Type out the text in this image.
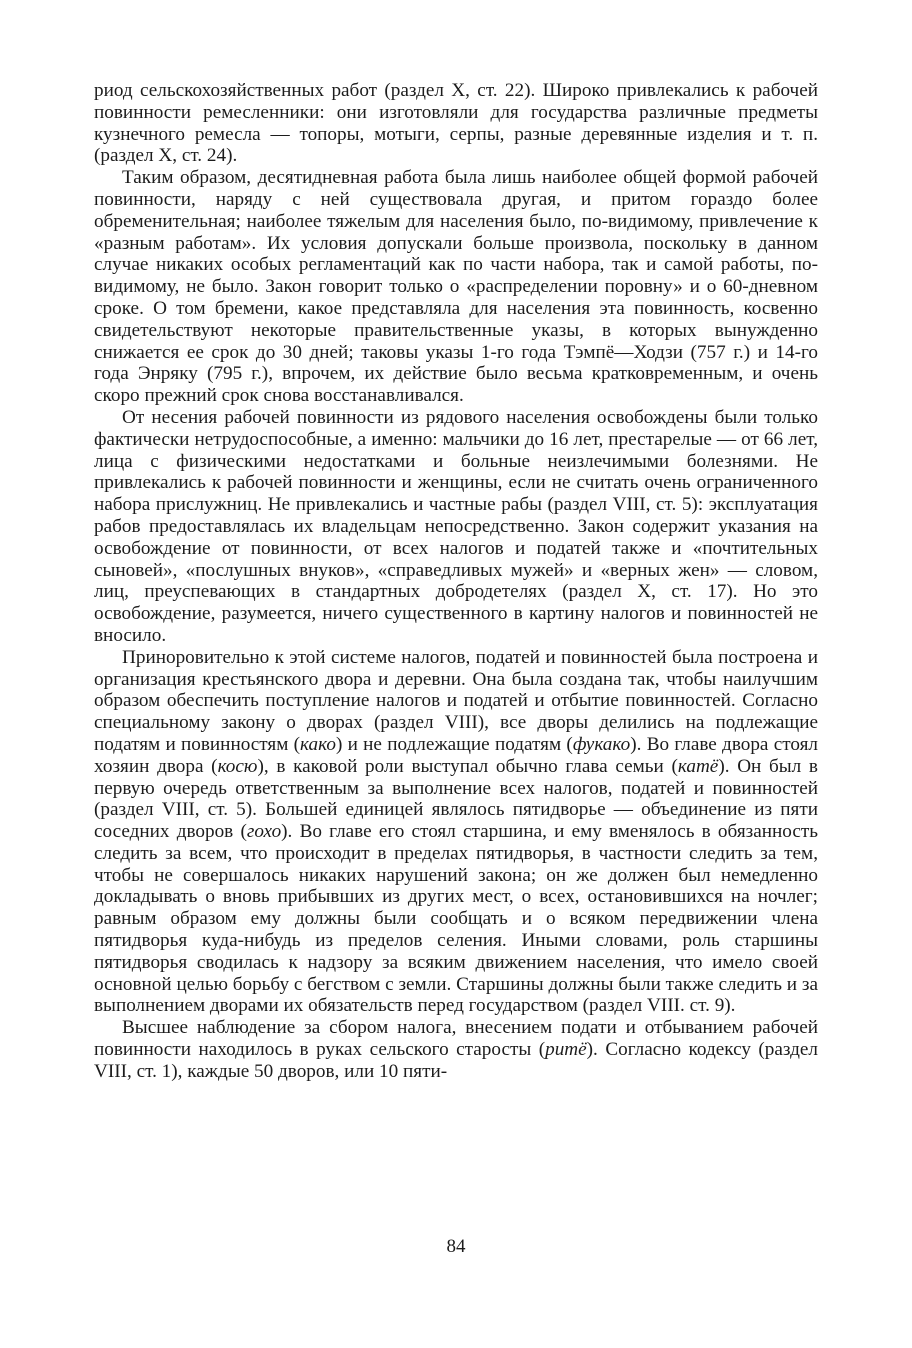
риод сельскохозяйственных работ (раздел X, ст. 22). Широко привлекались к рабочей повинности ремесленники: они изготовляли для государства различные предметы кузнечного ремесла — топоры, мотыги, серпы, разные деревянные изделия и т. п. (раздел X, ст. 24).

Таким образом, десятидневная работа была лишь наиболее общей формой рабочей повинности, наряду с ней существовала другая, и притом гораздо более обременительная; наиболее тяжелым для населения было, по-видимому, привлечение к «разным работам». Их условия допускали больше произвола, поскольку в данном случае никаких особых регламентаций как по части набора, так и самой работы, по-видимому, не было. Закон говорит только о «распределении поровну» и о 60-дневном сроке. О том бремени, какое представляла для населения эта повинность, косвенно свидетельствуют некоторые правительственные указы, в которых вынужденно снижается ее срок до 30 дней; таковы указы 1-го года Тэмпё—Ходзи (757 г.) и 14-го года Энряку (795 г.), впрочем, их действие было весьма кратковременным, и очень скоро прежний срок снова восстанавливался.

От несения рабочей повинности из рядового населения освобождены были только фактически нетрудоспособные, а именно: мальчики до 16 лет, престарелые — от 66 лет, лица с физическими недостатками и больные неизлечимыми болезнями. Не привлекались к рабочей повинности и женщины, если не считать очень ограниченного набора прислужниц. Не привлекались и частные рабы (раздел VIII, ст. 5): эксплуатация рабов предоставлялась их владельцам непосредственно. Закон содержит указания на освобождение от повинности, от всех налогов и податей также и «почтительных сыновей», «послушных внуков», «справедливых мужей» и «верных жен» — словом, лиц, преуспевающих в стандартных добродетелях (раздел X, ст. 17). Но это освобождение, разумеется, ничего существенного в картину налогов и повинностей не вносило.

Приноровительно к этой системе налогов, податей и повинностей была построена и организация крестьянского двора и деревни. Она была создана так, чтобы наилучшим образом обеспечить поступление налогов и податей и отбытие повинностей. Согласно специальному закону о дворах (раздел VIII), все дворы делились на подлежащие податям и повинностям (како) и не подлежащие податям (фукако). Во главе двора стоял хозяин двора (косю), в каковой роли выступал обычно глава семьи (катё). Он был в первую очередь ответственным за выполнение всех налогов, податей и повинностей (раздел VIII, ст. 5). Большей единицей являлось пятидворье — объединение из пяти соседних дворов (гохо). Во главе его стоял старшина, и ему вменялось в обязанность следить за всем, что происходит в пределах пятидворья, в частности следить за тем, чтобы не совершалось никаких нарушений закона; он же должен был немедленно докладывать о вновь прибывших из других мест, о всех, остановившихся на ночлег; равным образом ему должны были сообщать и о всяком передвижении члена пятидворья куда-нибудь из пределов селения. Иными словами, роль старшины пятидворья сводилась к надзору за всяким движением населения, что имело своей основной целью борьбу с бегством с земли. Старшины должны были также следить и за выполнением дворами их обязательств перед государством (раздел VIII. ст. 9).

Высшее наблюдение за сбором налога, внесением подати и отбыванием рабочей повинности находилось в руках сельского старосты (ритё). Согласно кодексу (раздел VIII, ст. 1), каждые 50 дворов, или 10 пяти-

84
